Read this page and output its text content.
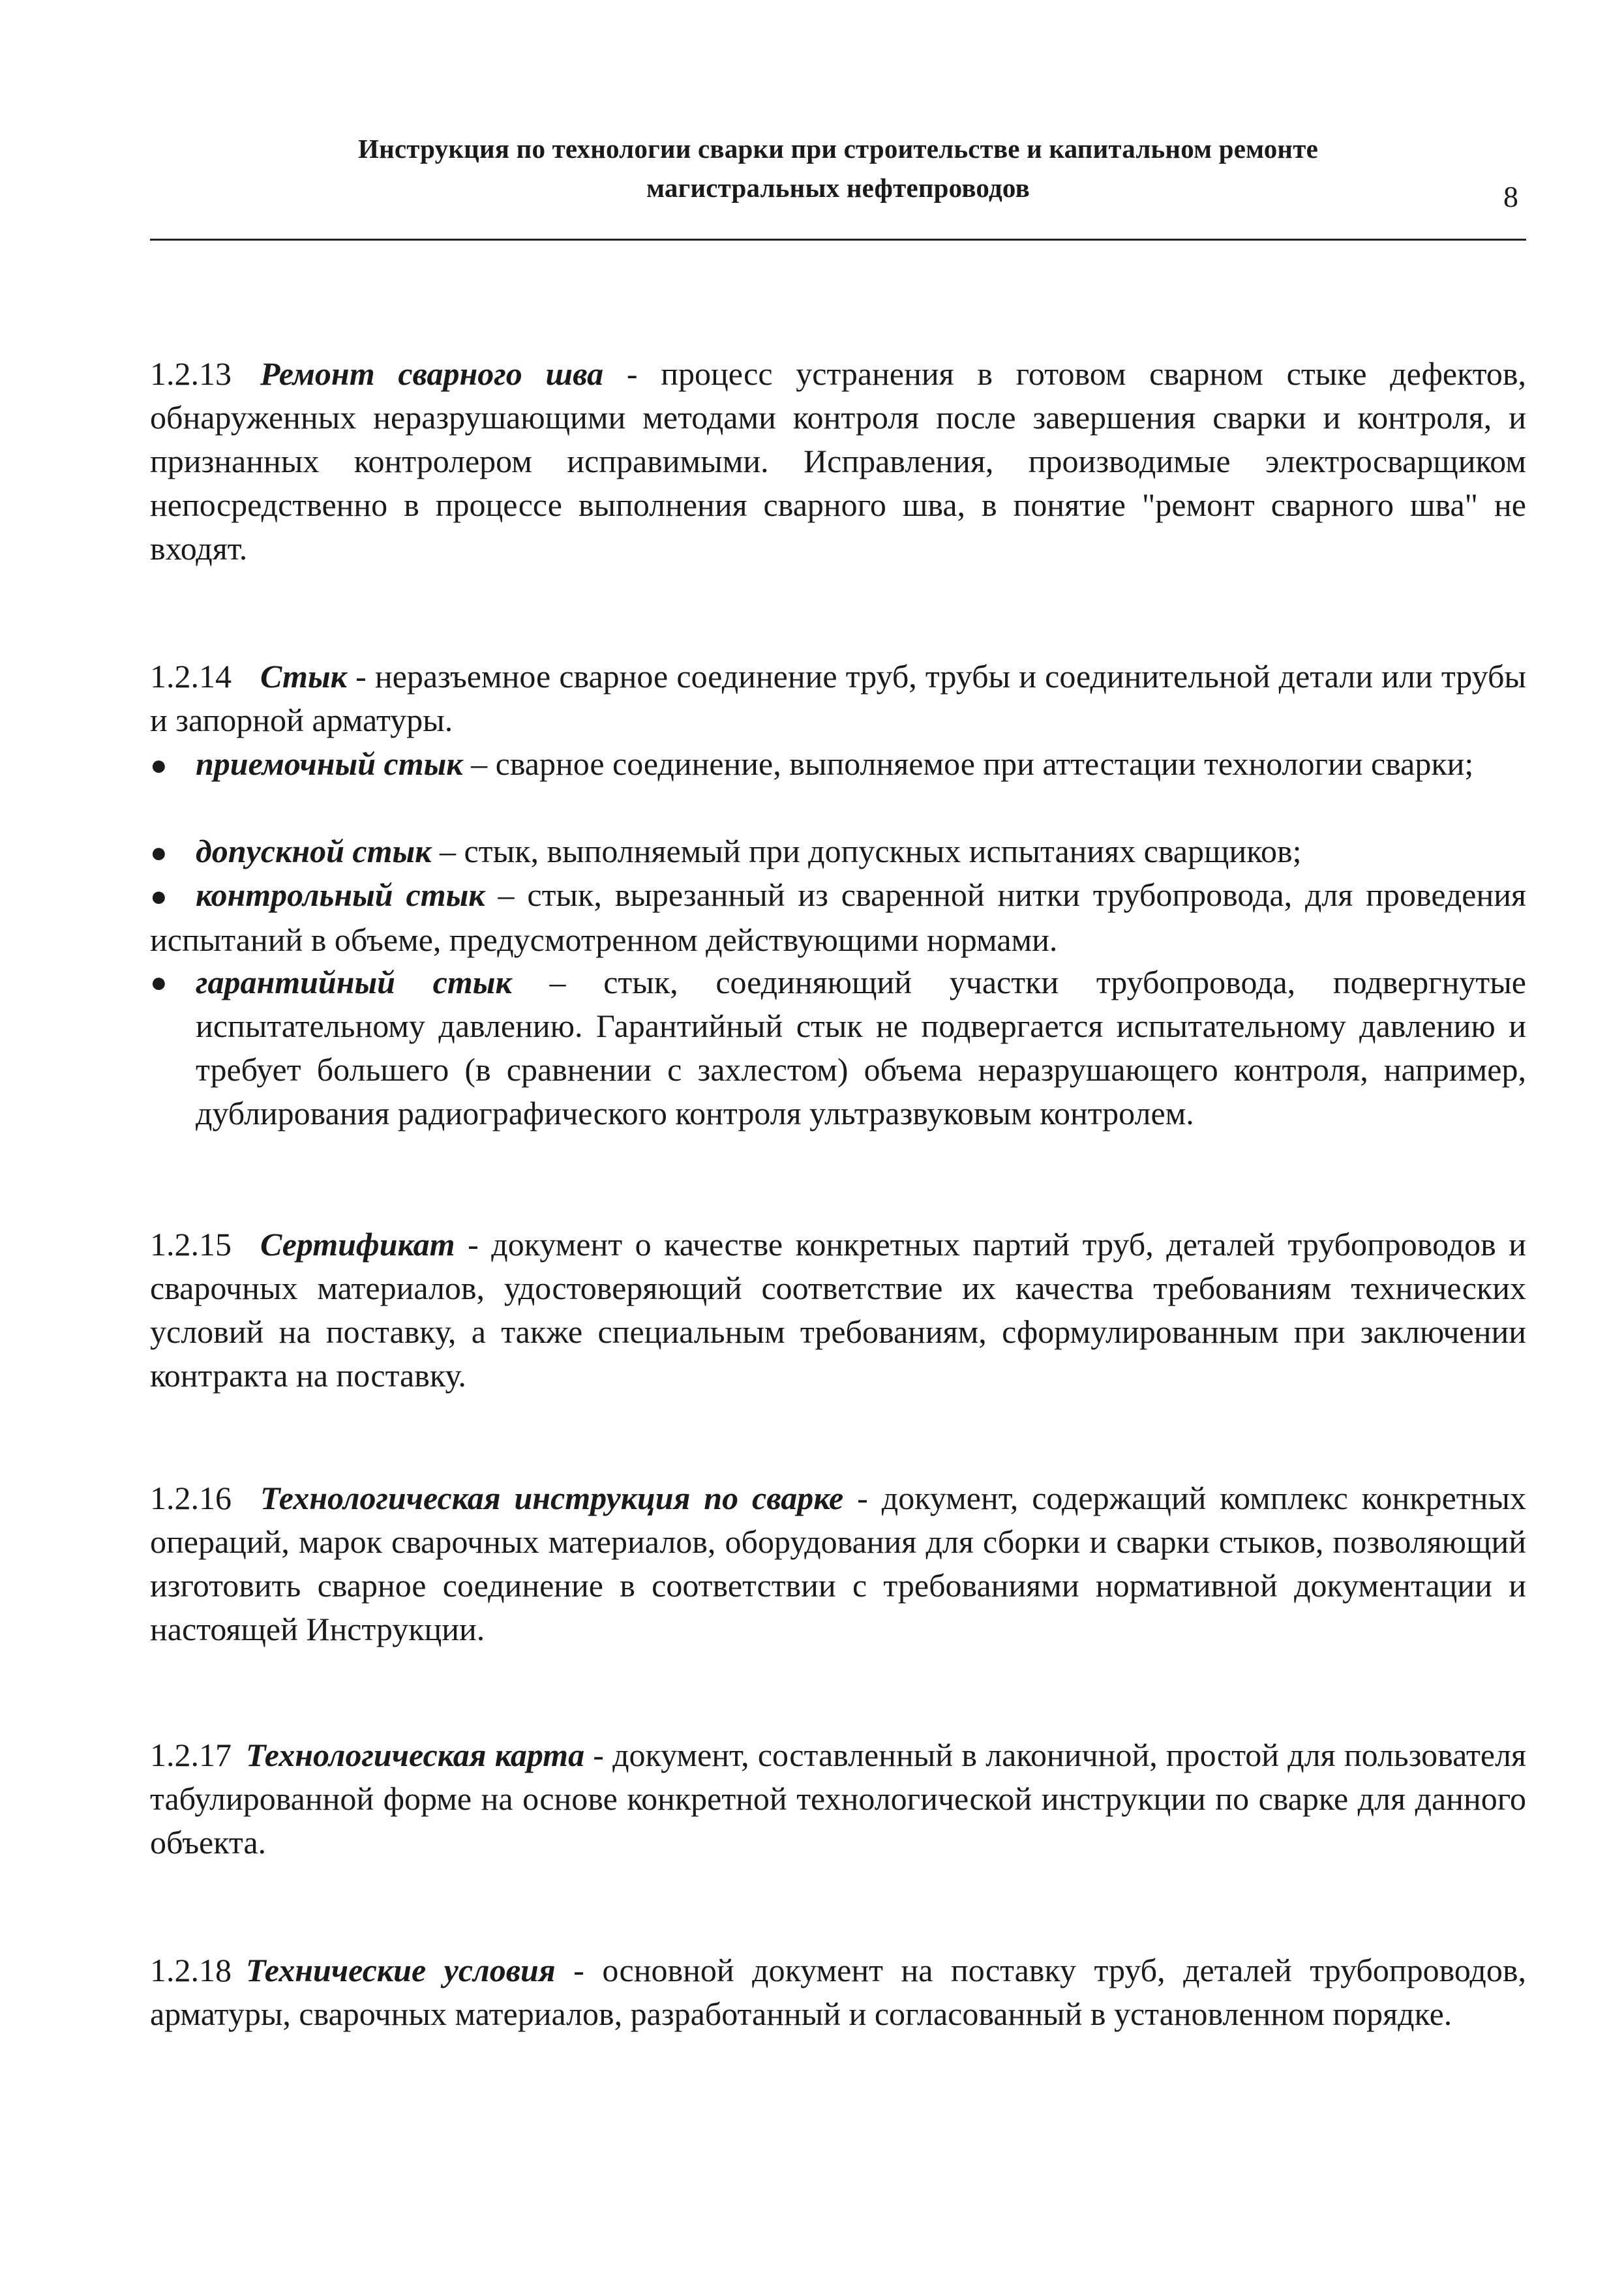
Инструкция по технологии сварки при строительстве и капитальном ремонте
магистральных нефтепроводов	8
1.2.13 Ремонт сварного шва - процесс устранения в готовом сварном стыке дефектов, обнаруженных неразрушающими методами контроля после завершения сварки и контроля, и признанных контролером исправимыми. Исправления, производимые электросварщиком непосредственно в процессе выполнения сварного шва, в понятие "ремонт сварного шва" не входят.
1.2.14 Стык - неразъемное сварное соединение труб, трубы и соединительной детали или трубы и запорной арматуры.
● приемочный стык – сварное соединение, выполняемое при аттестации технологии сварки;
● допускной стык – стык, выполняемый при допускных испытаниях сварщиков;
● контрольный стык – стык, вырезанный из сваренной нитки трубопровода, для проведения испытаний в объеме, предусмотренном действующими нормами.
● гарантийный стык – стык, соединяющий участки трубопровода, подвергнутые испытательному давлению. Гарантийный стык не подвергается испытательному давлению и требует большего (в сравнении с захлестом) объема неразрушающего контроля, например, дублирования радиографического контроля ультразвуковым контролем.
1.2.15 Сертификат - документ о качестве конкретных партий труб, деталей трубопроводов и сварочных материалов, удостоверяющий соответствие их качества требованиям технических условий на поставку, а также специальным требованиям, сформулированным при заключении контракта на поставку.
1.2.16 Технологическая инструкция по сварке - документ, содержащий комплекс конкретных операций, марок сварочных материалов, оборудования для сборки и сварки стыков, позволяющий изготовить сварное соединение в соответствии с требованиями нормативной документации и настоящей Инструкции.
1.2.17 Технологическая карта - документ, составленный в лаконичной, простой для пользователя табулированной форме на основе конкретной технологической инструкции по сварке для данного объекта.
1.2.18 Технические условия - основной документ на поставку труб, деталей трубопроводов, арматуры, сварочных материалов, разработанный и согласованный в установленном порядке.
